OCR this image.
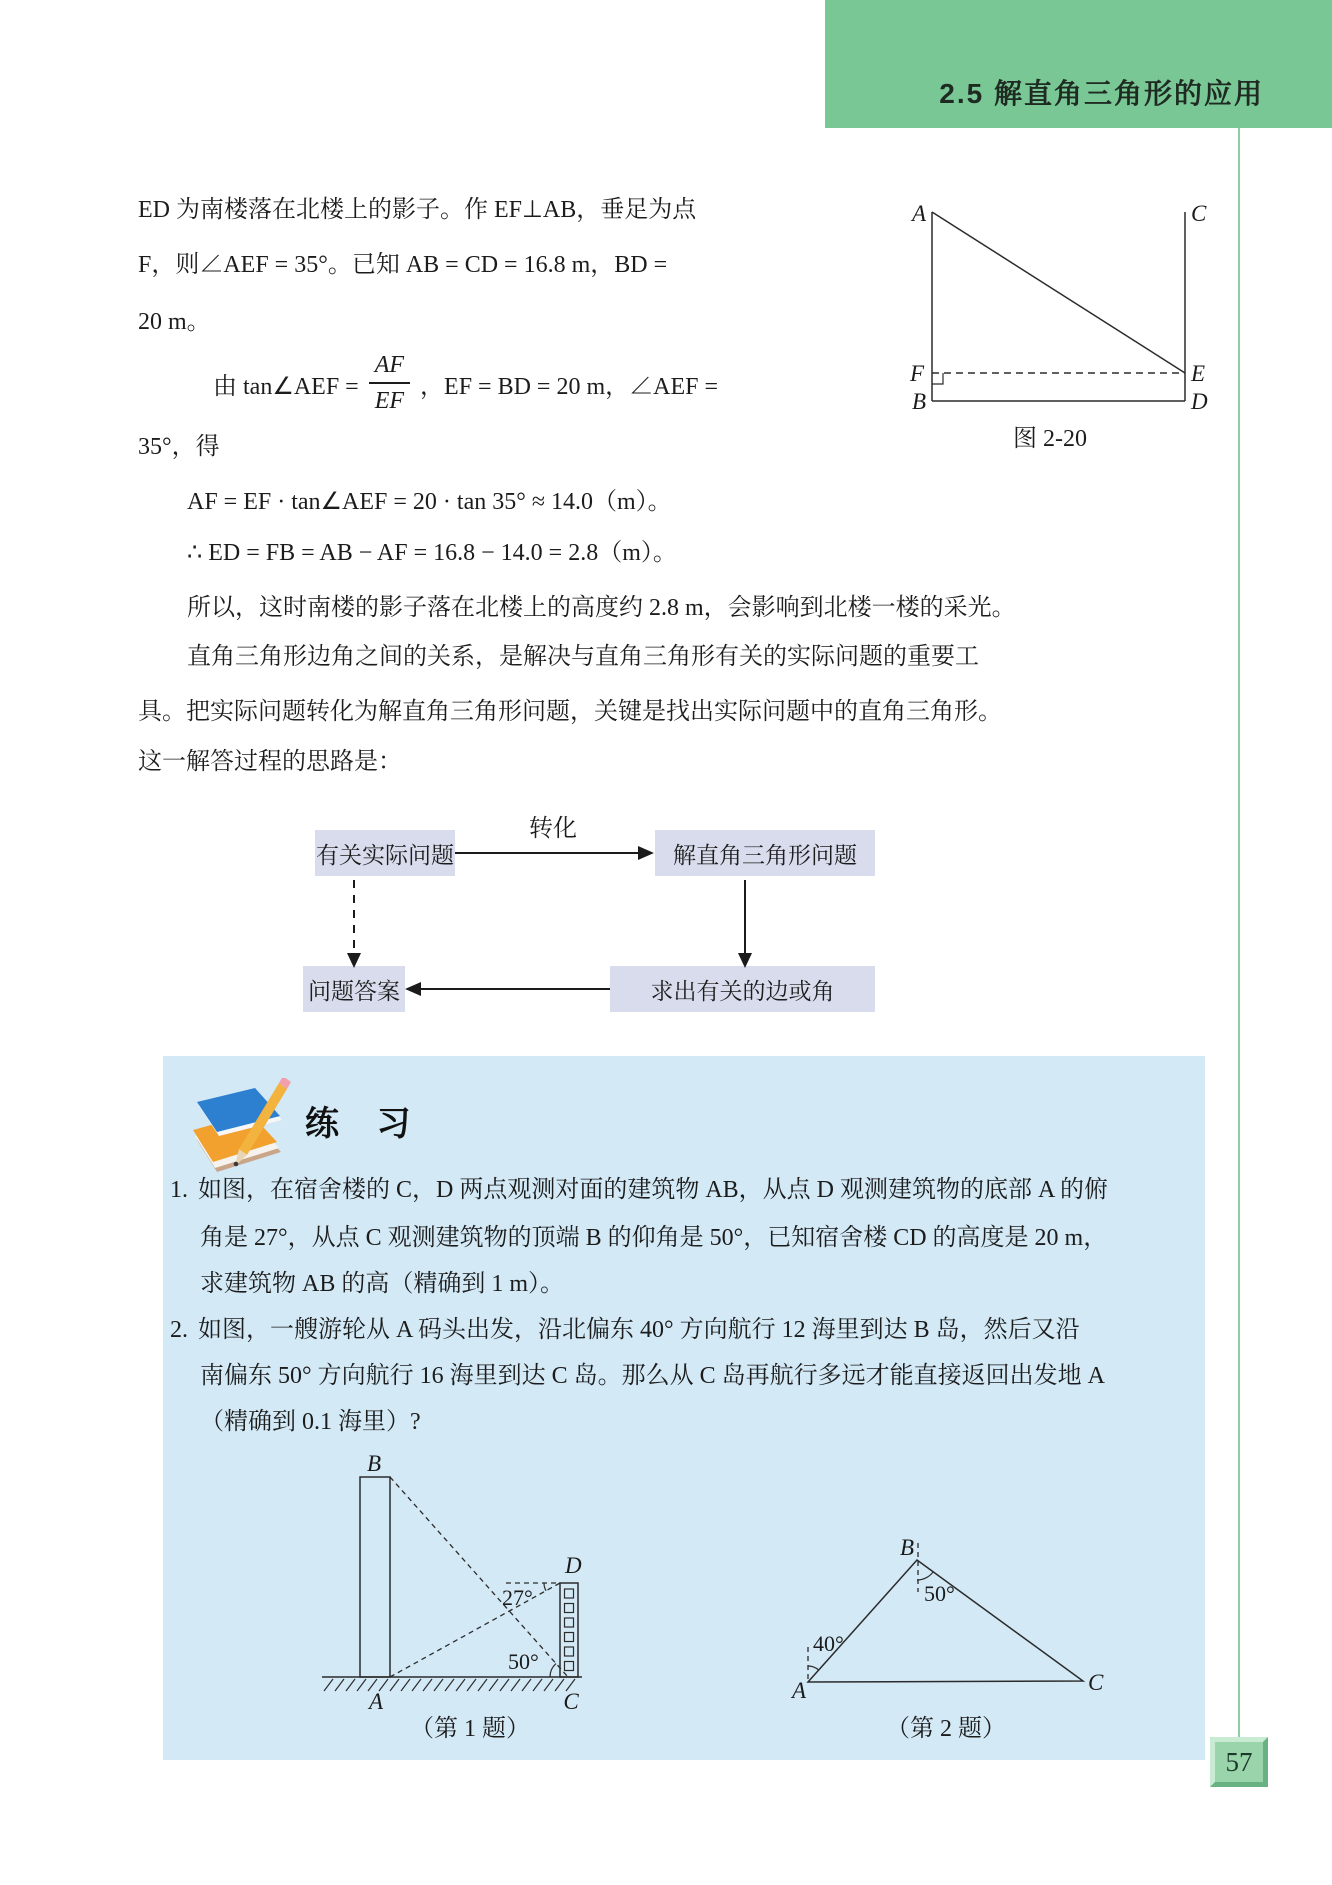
2.5 解直角三角形的应用
57
ED 为南楼落在北楼上的影子。作 EF⊥AB，垂足为点
F，则∠AEF = 35°。已知 AB = CD = 16.8 m，BD =
20 m。
由 tan∠AEF = $\frac{AF}{EF}$ ，EF = BD = 20 m，∠AEF =
35°，得
AF = EF · tan∠AEF = 20 · tan 35° ≈ 14.0（m）。
∴ ED = FB = AB − AF = 16.8 − 14.0 = 2.8（m）。
所以，这时南楼的影子落在北楼上的高度约 2.8 m，会影响到北楼一楼的采光。
直角三角形边角之间的关系，是解决与直角三角形有关的实际问题的重要工
具。把实际问题转化为解直角三角形问题，关键是找出实际问题中的直角三角形。
这一解答过程的思路是：
A	C
F
B
E
D
图 2-20
有关实际问题	解直角三角形问题
问题答案	求出有关的边或角
转化
练 习
1. 如图，在宿舍楼的 C，D 两点观测对面的建筑物 AB，从点 D 观测建筑物的底部 A 的俯
角是 27°，从点 C 观测建筑物的顶端 B 的仰角是 50°，已知宿舍楼 CD 的高度是 20 m，
求建筑物 AB 的高（精确到 1 m）。
2. 如图，一艘游轮从 A 码头出发，沿北偏东 40° 方向航行 12 海里到达 B 岛，然后又沿
南偏东 50° 方向航行 16 海里到达 C 岛。那么从 C 岛再航行多远才能直接返回出发地 A
（精确到 0.1 海里）?
B
D
A	C
27°
50°
（第 1 题）
B
A	C
40°
50°
（第 2 题）
